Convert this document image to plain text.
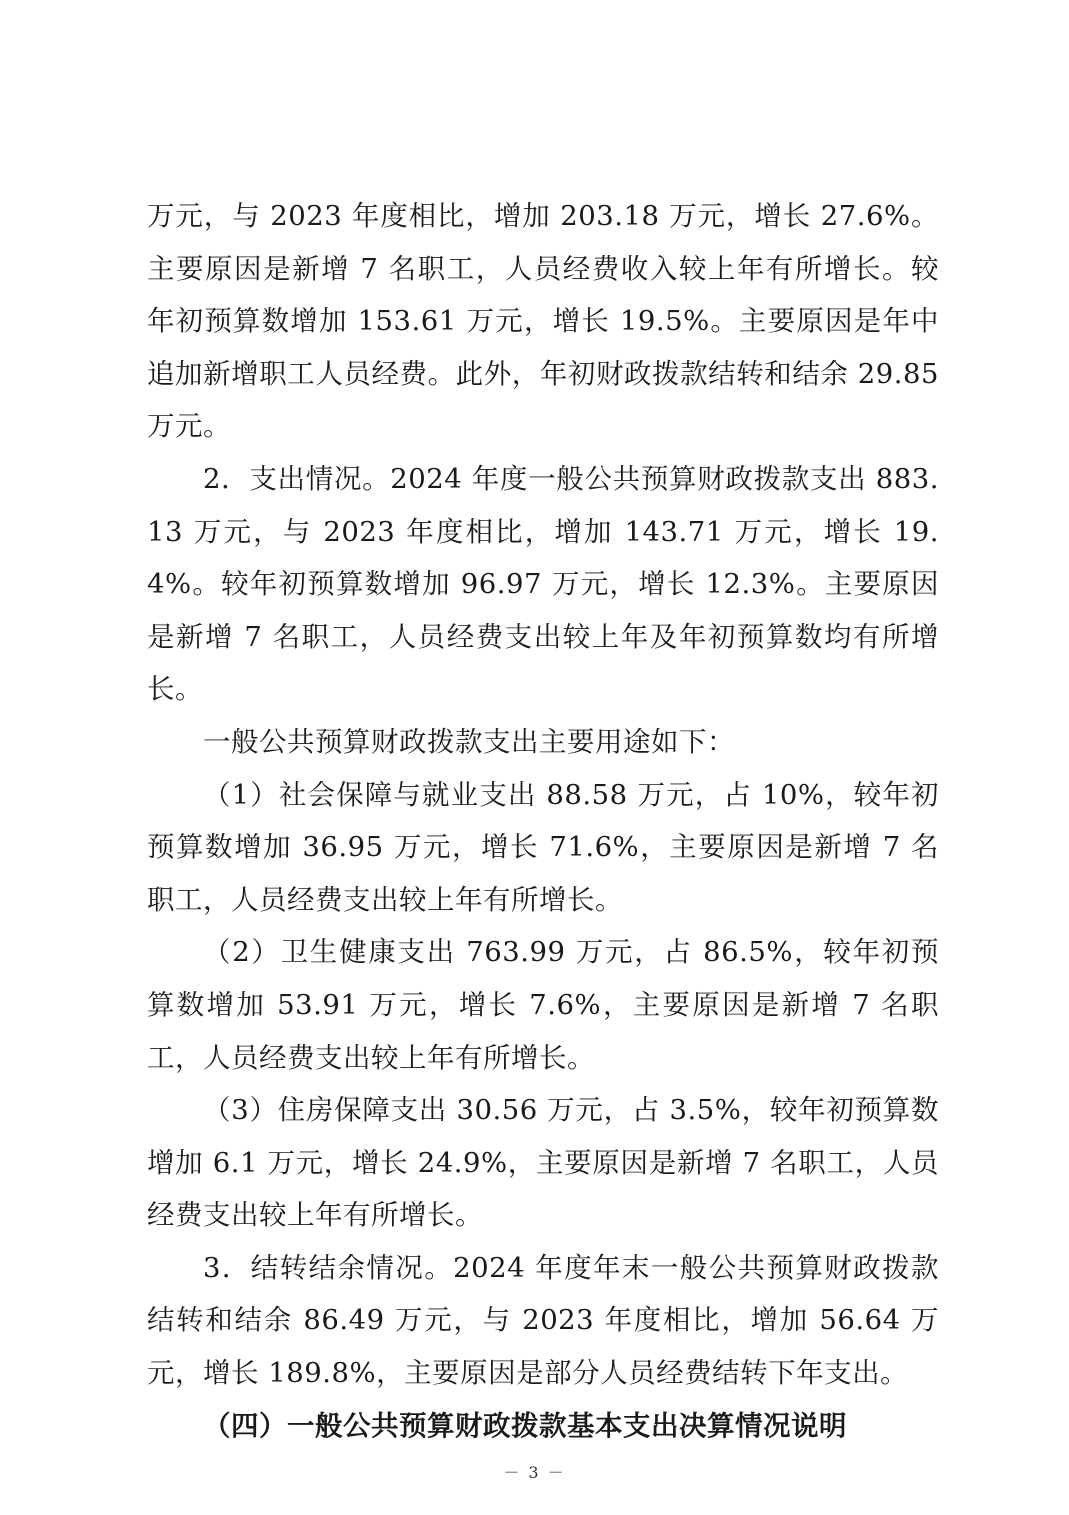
万元，与 2023 年度相比，增加 203.18 万元，增长 27.6%。主要原因是新增 7 名职工，人员经费收入较上年有所增长。较年初预算数增加 153.61 万元，增长 19.5%。主要原因是年中追加新增职工人员经费。此外，年初财政拨款结转和结余 29.85 万元。

2．支出情况。2024 年度一般公共预算财政拨款支出 883.13 万元，与 2023 年度相比，增加 143.71 万元，增长 19.4%。较年初预算数增加 96.97 万元，增长 12.3%。主要原因是新增 7 名职工，人员经费支出较上年及年初预算数均有所增长。

一般公共预算财政拨款支出主要用途如下：

（1）社会保障与就业支出 88.58 万元，占 10%，较年初预算数增加 36.95 万元，增长 71.6%，主要原因是新增 7 名职工，人员经费支出较上年有所增长。

（2）卫生健康支出 763.99 万元，占 86.5%，较年初预算数增加 53.91 万元，增长 7.6%，主要原因是新增 7 名职工，人员经费支出较上年有所增长。

（3）住房保障支出 30.56 万元，占 3.5%，较年初预算数增加 6.1 万元，增长 24.9%，主要原因是新增 7 名职工，人员经费支出较上年有所增长。

3．结转结余情况。2024 年度年末一般公共预算财政拨款结转和结余 86.49 万元，与 2023 年度相比，增加 56.64 万元，增长 189.8%，主要原因是部分人员经费结转下年支出。

（四）一般公共预算财政拨款基本支出决算情况说明

－ 3 －
